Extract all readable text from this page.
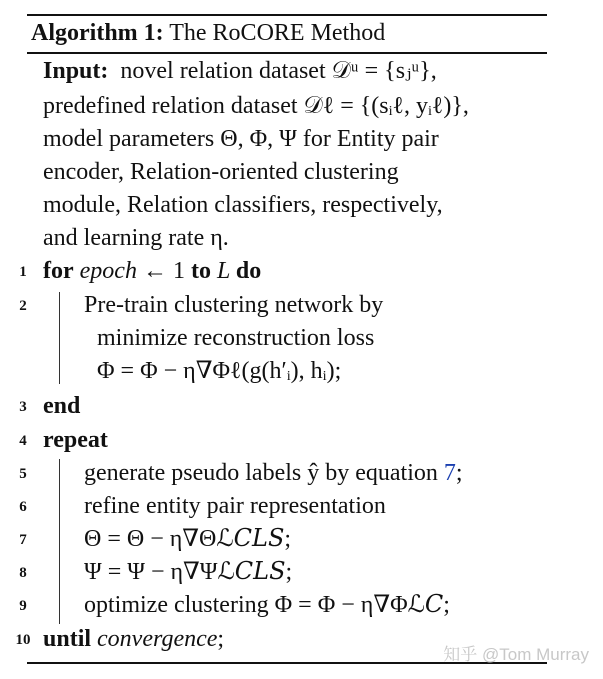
Algorithm 1: The RoCORE Method
Input: novel relation dataset 𝒟ᵘ = {sⱼᵘ},
predefined relation dataset 𝒟ℓ = {(sᵢℓ, yᵢℓ)},
model parameters Θ, Φ, Ψ for Entity pair
encoder, Relation-oriented clustering
module, Relation classifiers, respectively,
and learning rate η.
1 for epoch ← 1 to L do
2	Pre-train clustering network by
minimize reconstruction loss
Φ = Φ − η∇Φℓ(g(h′ᵢ), hᵢ);
3 end
4 repeat
5	generate pseudo labels ŷ by equation 7;
6	refine entity pair representation
7	Θ = Θ − η∇Θℒ𝐶𝐿𝑆;
8	Ψ = Ψ − η∇Ψℒ𝐶𝐿𝑆;
9	optimize clustering Φ = Φ − η∇Φℒ𝐶;
10 until convergence;
知乎 @Tom Murray
